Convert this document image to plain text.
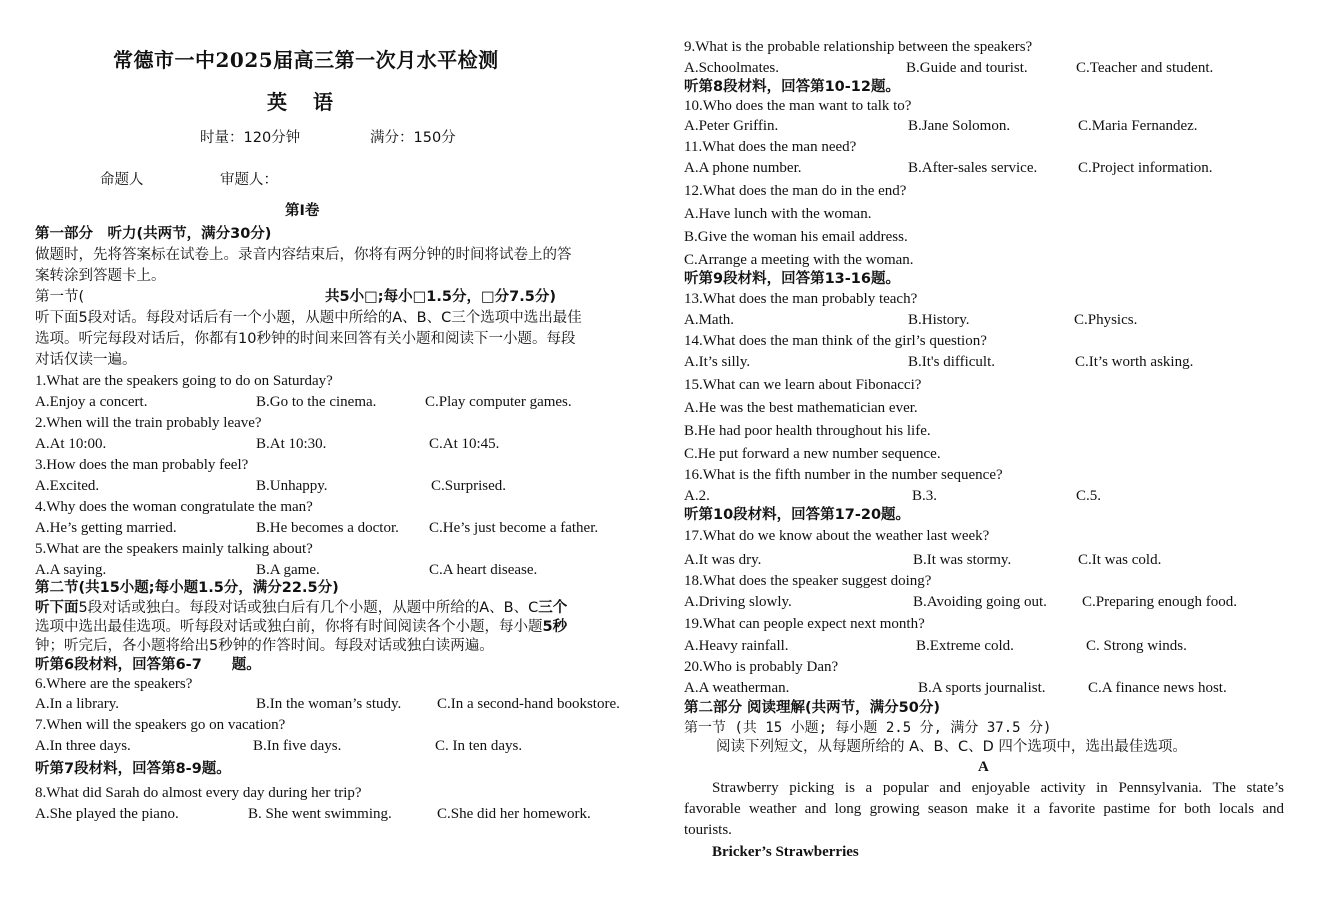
常德市一中2025届高三第一次月水平检测
英语
时量：120分钟	满分：150分
命题人	审题人：
第Ⅰ卷
第一部分　听力(共两节，满分30分)
做题时，先将答案标在试卷上。录音内容结束后，你将有两分钟的时间将试卷上的答
案转涂到答题卡上。
第一节(	共5小□;每小□1.5分，□分7.5分)
听下面5段对话。每段对话后有一个小题，从题中所给的A、B、C三个选项中选出最佳
选项。听完每段对话后，你都有10秒钟的时间来回答有关小题和阅读下一小题。每段
对话仅读一遍。
1.What are the speakers going to do on Saturday?
A.Enjoy a concert.	B.Go to the cinema.	C.Play computer games.
2.When will the train probably leave?
A.At 10:00.	B.At 10:30.	C.At 10:45.
3.How does the man probably feel?
A.Excited.	B.Unhappy.	C.Surprised.
4.Why does the woman congratulate the man?
A.He’s getting married.	B.He becomes a doctor. C.He’s just become a father.
5.What are the speakers mainly talking about?
A.A saying.	B.A game.	C.A heart disease.
第二节(共15小题;每小题1.5分，满分22.5分)
听下面5段对话或独白。每段对话或独白后有几个小题，从题中所给的A、B、C三个
选项中选出最佳选项。听每段对话或独白前，你将有时间阅读各个小题，每小题5秒
钟；听完后，各小题将给出5秒钟的作答时间。每段对话或独白读两遍。
听第6段材料，回答第6-7 题。
6.Where are the speakers?
A.In a library.	B.In the woman’s study. C.In a second-hand bookstore.
7.When will the speakers go on vacation?
A.In three days.	B.In five days.	C. In ten days.
听第7段材料，回答第8-9题。
8.What did Sarah do almost every day during her trip?
A.She played the piano.	B. She went swimming.	C.She did her homework.
9.What is the probable relationship between the speakers?
A.Schoolmates.	B.Guide and tourist.	C.Teacher and student.
听第8段材料，回答第10-12题。
10.Who does the man want to talk to?
A.Peter Griffin.	B.Jane Solomon.	C.Maria Fernandez.
11.What does the man need?
A.A phone number.	B.After-sales service.	C.Project information.
12.What does the man do in the end?
A.Have lunch with the woman.
B.Give the woman his email address.
C.Arrange a meeting with the woman.
听第9段材料，回答第13-16题。
13.What does the man probably teach?
A.Math.	B.History.	C.Physics.
14.What does the man think of the girl’s question?
A.It’s silly.	B.It's difficult.	C.It’s worth asking.
15.What can we learn about Fibonacci?
A.He was the best mathematician ever.
B.He had poor health throughout his life.
C.He put forward a new number sequence.
16.What is the fifth number in the number sequence?
A.2.	B.3.	C.5.
听第10段材料，回答第17-20题。
17.What do we know about the weather last week?
A.It was dry.	B.It was stormy.	C.It was cold.
18.What does the speaker suggest doing?
A.Driving slowly.	B.Avoiding going out. C.Preparing enough food.
19.What can people expect next month?
A.Heavy rainfall.	B.Extreme cold.	C. Strong winds.
20.Who is probably Dan?
A.A weatherman.	B.A sports journalist.	C.A finance news host.
第二部分 阅读理解(共两节，满分50分)
第一节 (共 15 小题; 每小题 2.5 分, 满分 37.5 分)
阅读下列短文，从每题所给的 A、B、C、D 四个选项中，选出最佳选项。
A
Strawberry picking is a popular and enjoyable activity in Pennsylvania. The state’s
favorable weather and long growing season make it a favorite pastime for both locals and
tourists.
Bricker’s Strawberries
